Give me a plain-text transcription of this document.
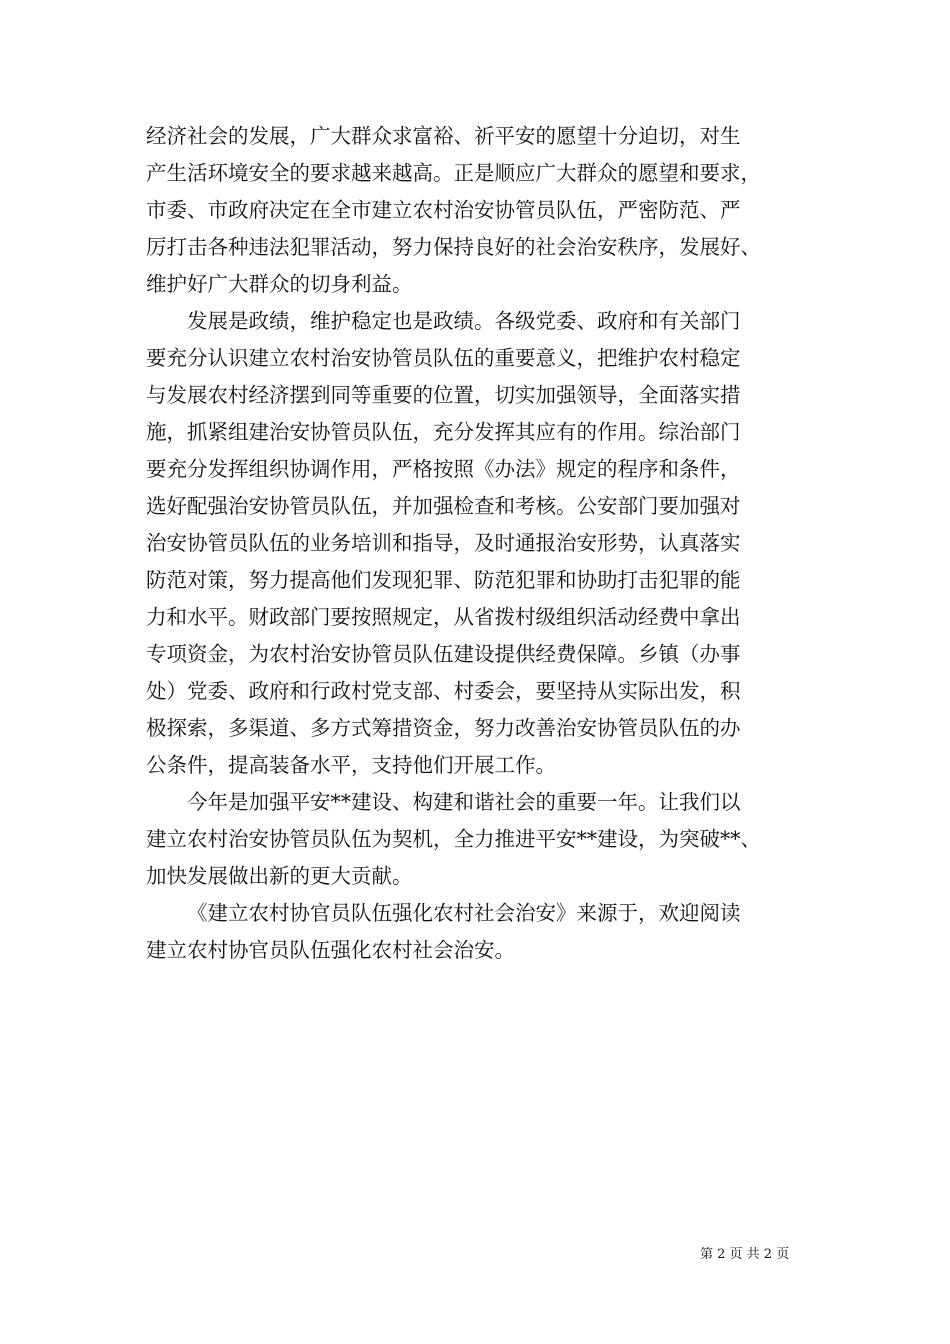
经济社会的发展，广大群众求富裕、祈平安的愿望十分迫切，对生
产生活环境安全的要求越来越高。正是顺应广大群众的愿望和要求，
市委、市政府决定在全市建立农村治安协管员队伍，严密防范、严
厉打击各种违法犯罪活动，努力保持良好的社会治安秩序，发展好、
维护好广大群众的切身利益。
发展是政绩，维护稳定也是政绩。各级党委、政府和有关部门
要充分认识建立农村治安协管员队伍的重要意义，把维护农村稳定
与发展农村经济摆到同等重要的位置，切实加强领导，全面落实措
施，抓紧组建治安协管员队伍，充分发挥其应有的作用。综治部门
要充分发挥组织协调作用，严格按照《办法》规定的程序和条件，
选好配强治安协管员队伍，并加强检查和考核。公安部门要加强对
治安协管员队伍的业务培训和指导，及时通报治安形势，认真落实
防范对策，努力提高他们发现犯罪、防范犯罪和协助打击犯罪的能
力和水平。财政部门要按照规定，从省拨村级组织活动经费中拿出
专项资金，为农村治安协管员队伍建设提供经费保障。乡镇（办事
处）党委、政府和行政村党支部、村委会，要坚持从实际出发，积
极探索，多渠道、多方式筹措资金，努力改善治安协管员队伍的办
公条件，提高装备水平，支持他们开展工作。
今年是加强平安**建设、构建和谐社会的重要一年。让我们以
建立农村治安协管员队伍为契机，全力推进平安**建设，为突破**、
加快发展做出新的更大贡献。
《建立农村协官员队伍强化农村社会治安》来源于，欢迎阅读
建立农村协官员队伍强化农村社会治安。
第 2 页 共 2 页
